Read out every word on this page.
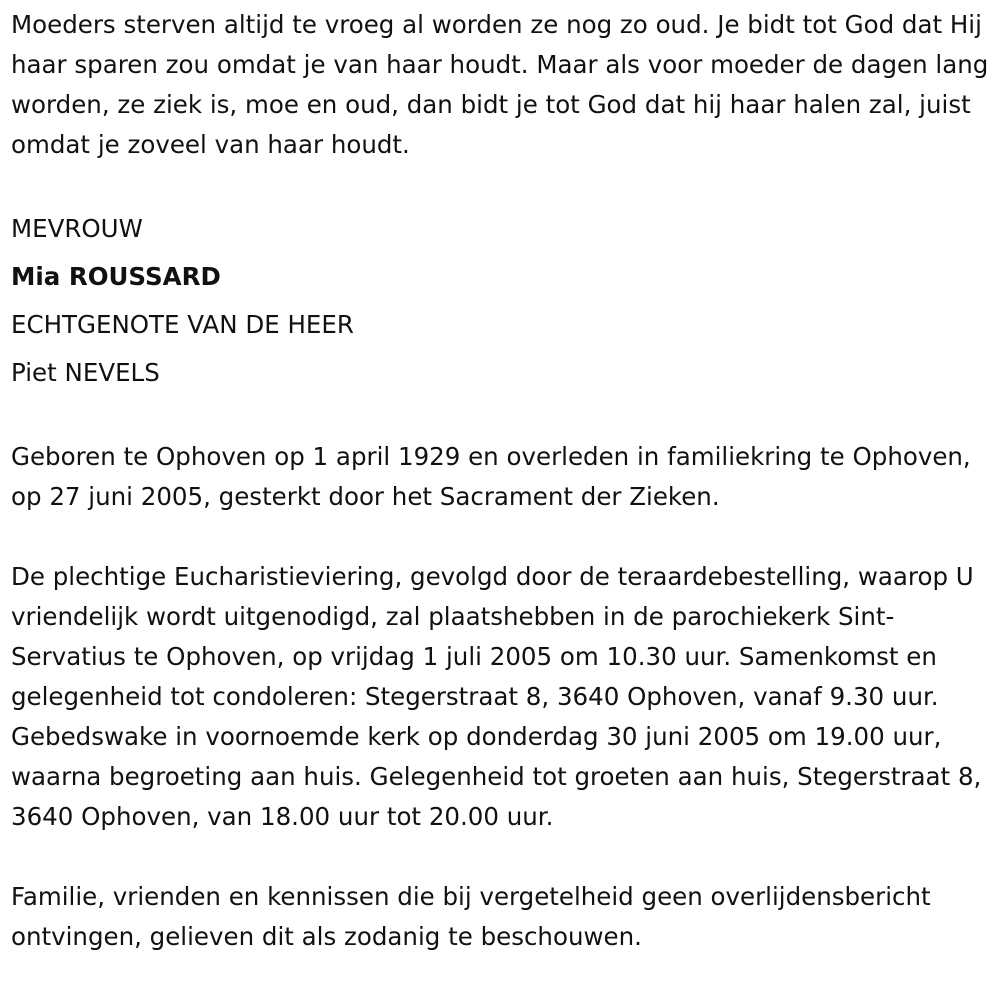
Moeders sterven altijd te vroeg al worden ze nog zo oud. Je bidt tot God dat Hij haar sparen zou omdat je van haar houdt. Maar als voor moeder de dagen lang worden, ze ziek is, moe en oud, dan bidt je tot God dat hij haar halen zal, juist omdat je zoveel van haar houdt.

MEVROUW

Mia ROUSSARD

ECHTGENOTE VAN DE HEER

Piet NEVELS

Geboren te Ophoven op 1 april 1929 en overleden in familiekring te Ophoven, op 27 juni 2005, gesterkt door het Sacrament der Zieken.

De plechtige Eucharistieviering, gevolgd door de teraardebestelling, waarop U vriendelijk wordt uitgenodigd, zal plaatshebben in de parochiekerk Sint-Servatius te Ophoven, op vrijdag 1 juli 2005 om 10.30 uur. Samenkomst en gelegenheid tot condoleren: Stegerstraat 8, 3640 Ophoven, vanaf 9.30 uur. Gebedswake in voornoemde kerk op donderdag 30 juni 2005 om 19.00 uur, waarna begroeting aan huis. Gelegenheid tot groeten aan huis, Stegerstraat 8, 3640 Ophoven, van 18.00 uur tot 20.00 uur.

Familie, vrienden en kennissen die bij vergetelheid geen overlijdensbericht ontvingen, gelieven dit als zodanig te beschouwen.
